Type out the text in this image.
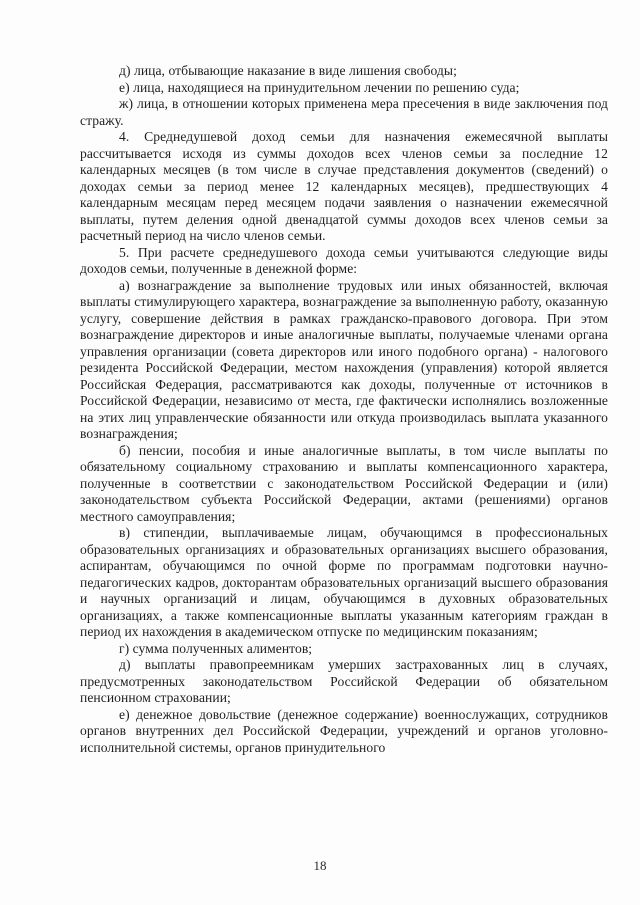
д) лица, отбывающие наказание в виде лишения свободы;

е) лица, находящиеся на принудительном лечении по решению суда;

ж) лица, в отношении которых применена мера пресечения в виде заключения под стражу.

4. Среднедушевой доход семьи для назначения ежемесячной выплаты рассчитывается исходя из суммы доходов всех членов семьи за последние 12 календарных месяцев (в том числе в случае представления документов (сведений) о доходах семьи за период менее 12 календарных месяцев), предшествующих 4 календарным месяцам перед месяцем подачи заявления о назначении ежемесячной выплаты, путем деления одной двенадцатой суммы доходов всех членов семьи за расчетный период на число членов семьи.

5. При расчете среднедушевого дохода семьи учитываются следующие виды доходов семьи, полученные в денежной форме:

а) вознаграждение за выполнение трудовых или иных обязанностей, включая выплаты стимулирующего характера, вознаграждение за выполненную работу, оказанную услугу, совершение действия в рамках гражданско-правового договора. При этом вознаграждение директоров и иные аналогичные выплаты, получаемые членами органа управления организации (совета директоров или иного подобного органа) - налогового резидента Российской Федерации, местом нахождения (управления) которой является Российская Федерация, рассматриваются как доходы, полученные от источников в Российской Федерации, независимо от места, где фактически исполнялись возложенные на этих лиц управленческие обязанности или откуда производилась выплата указанного вознаграждения;

б) пенсии, пособия и иные аналогичные выплаты, в том числе выплаты по обязательному социальному страхованию и выплаты компенсационного характера, полученные в соответствии с законодательством Российской Федерации и (или) законодательством субъекта Российской Федерации, актами (решениями) органов местного самоуправления;

в) стипендии, выплачиваемые лицам, обучающимся в профессиональных образовательных организациях и образовательных организациях высшего образования, аспирантам, обучающимся по очной форме по программам подготовки научно-педагогических кадров, докторантам образовательных организаций высшего образования и научных организаций и лицам, обучающимся в духовных образовательных организациях, а также компенсационные выплаты указанным категориям граждан в период их нахождения в академическом отпуске по медицинским показаниям;

г) сумма полученных алиментов;

д) выплаты правопреемникам умерших застрахованных лиц в случаях, предусмотренных законодательством Российской Федерации об обязательном пенсионном страховании;

е) денежное довольствие (денежное содержание) военнослужащих, сотрудников органов внутренних дел Российской Федерации, учреждений и органов уголовно-исполнительной системы, органов принудительного

18
